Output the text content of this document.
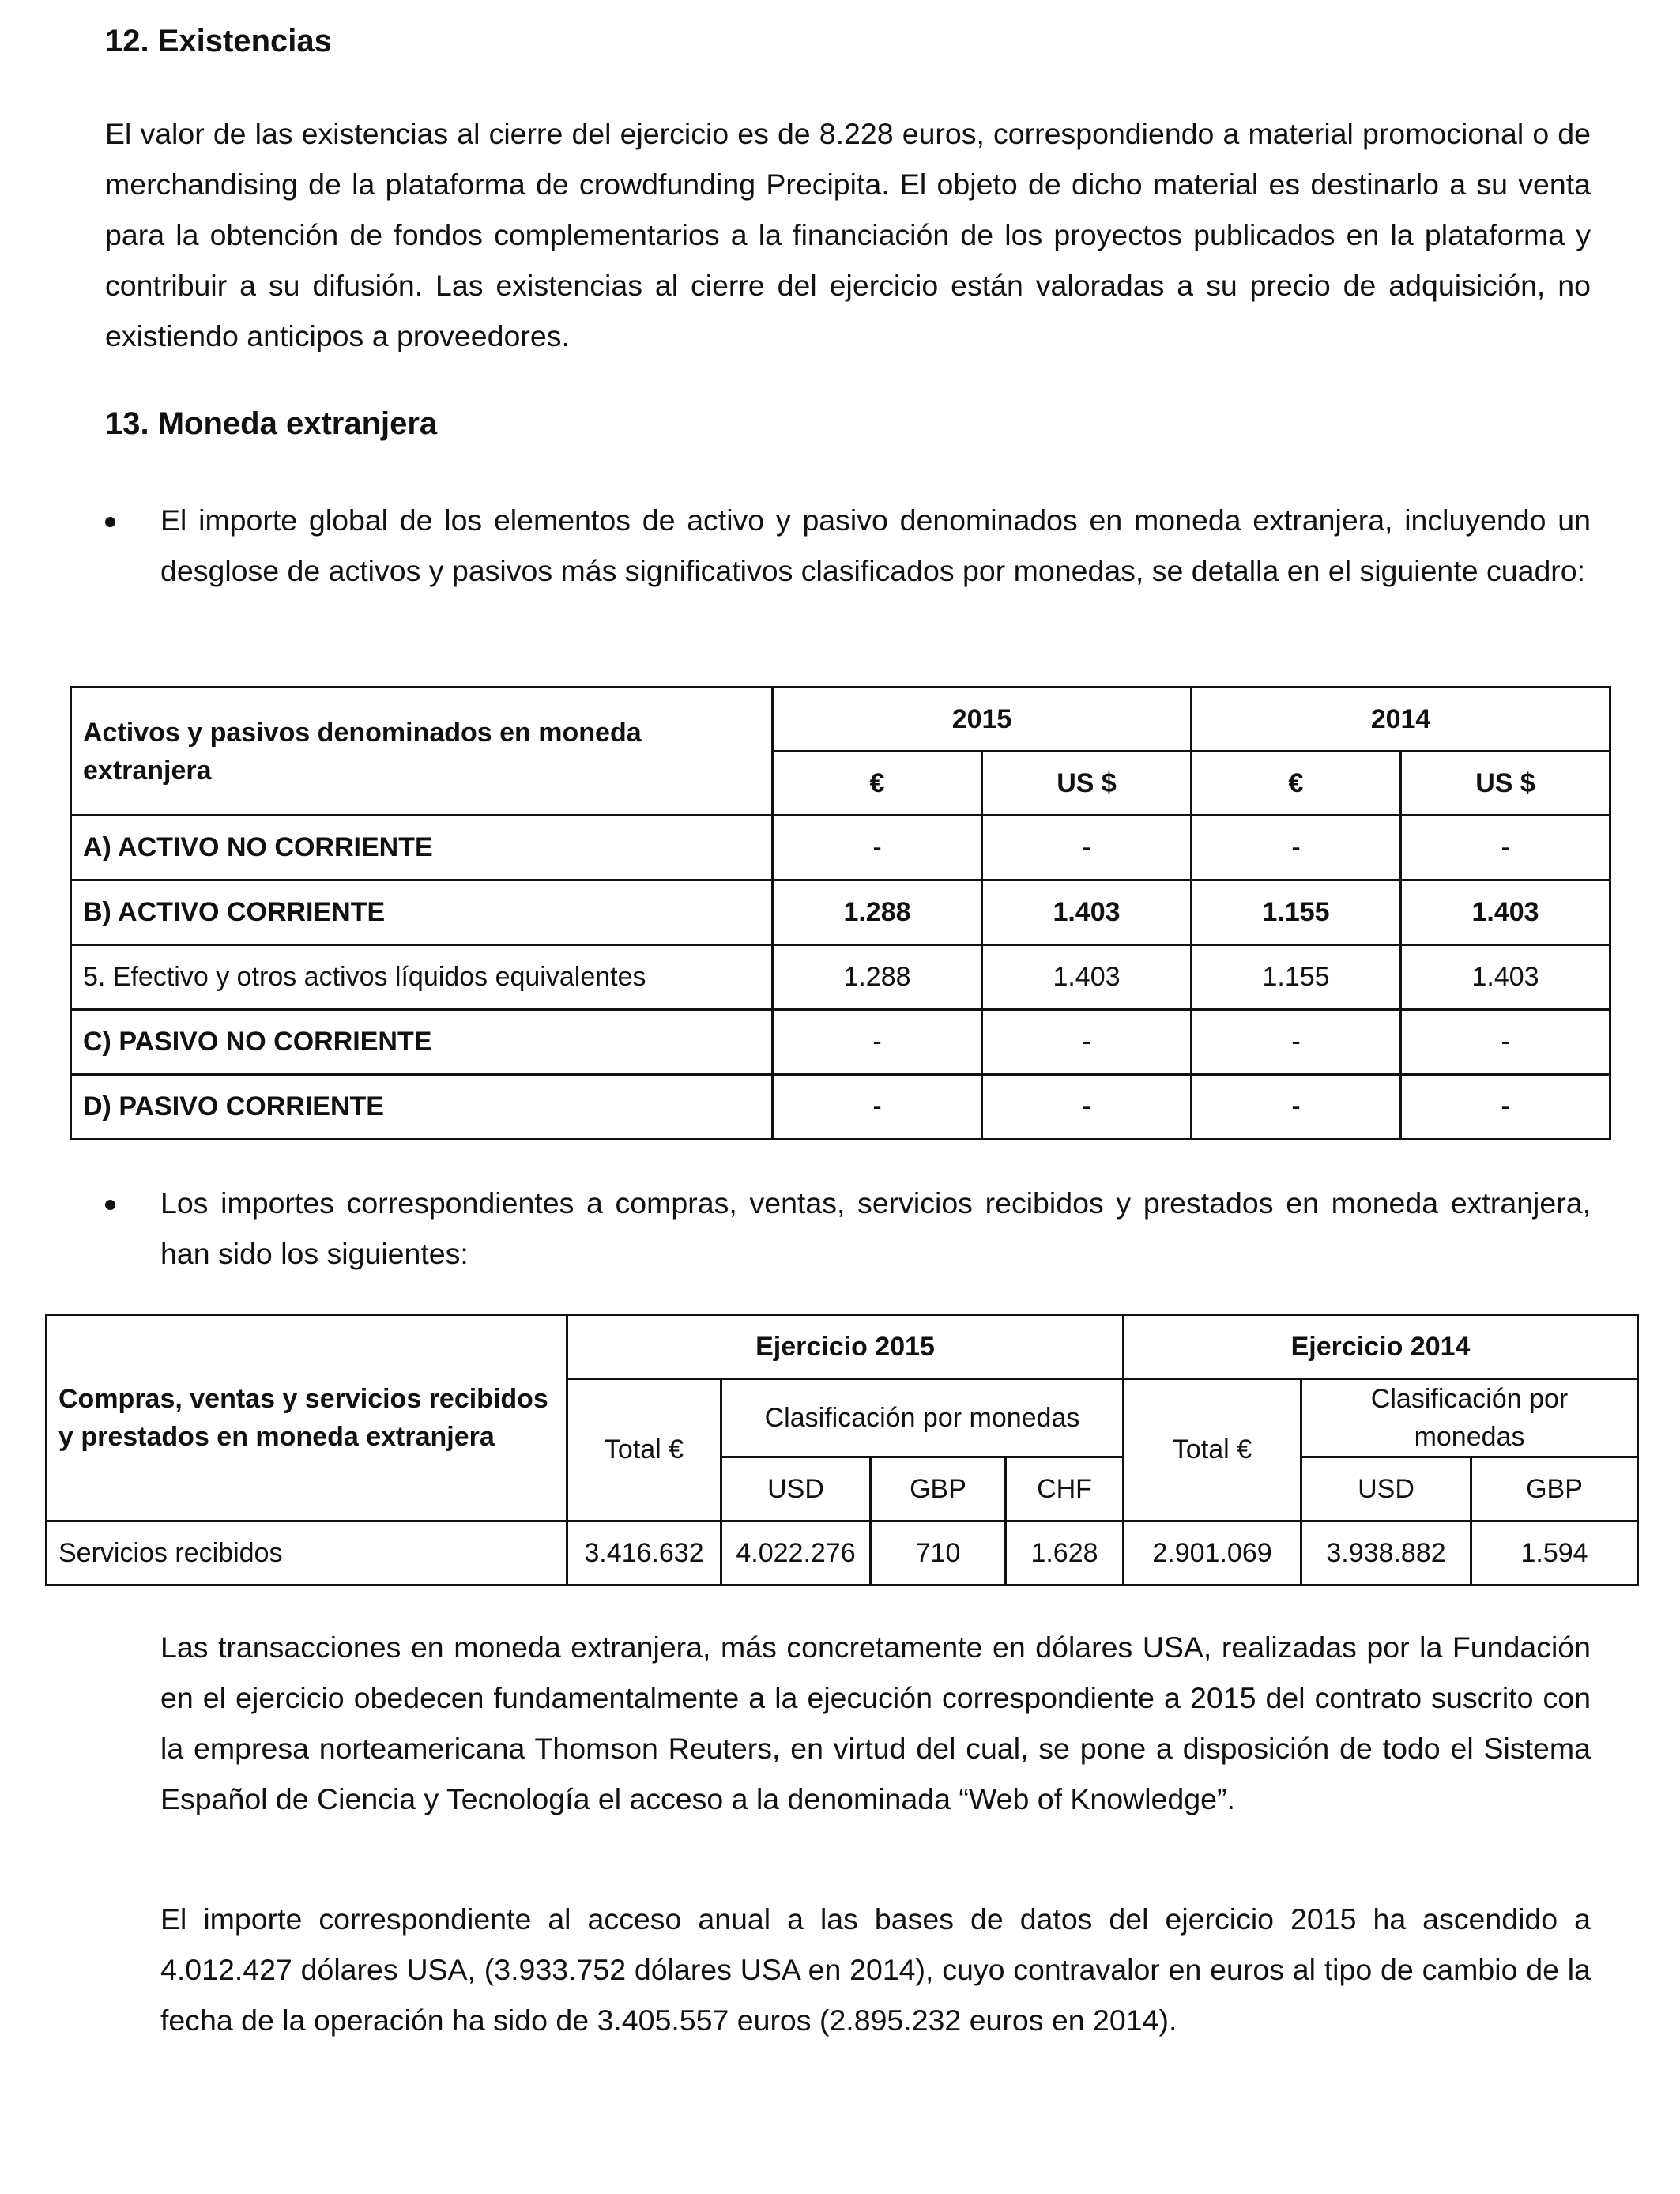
12. Existencias

El valor de las existencias al cierre del ejercicio es de 8.228 euros, correspondiendo a material promocional o de merchandising de la plataforma de crowdfunding Precipita. El objeto de dicho material es destinarlo a su venta para la obtención de fondos complementarios a la financiación de los proyectos publicados en la plataforma y contribuir a su difusión. Las existencias al cierre del ejercicio están valoradas a su precio de adquisición, no existiendo anticipos a proveedores.

13. Moneda extranjera

El importe global de los elementos de activo y pasivo denominados en moneda extranjera, incluyendo un desglose de activos y pasivos más significativos clasificados por monedas, se detalla en el siguiente cuadro:

Activos y pasivos denominados en moneda extranjera	2015		2014	
	€	US $	€	US $
A) ACTIVO NO CORRIENTE	-	-	-	-
B) ACTIVO CORRIENTE	1.288	1.403	1.155	1.403
5. Efectivo y otros activos líquidos equivalentes	1.288	1.403	1.155	1.403
C) PASIVO NO CORRIENTE	-	-	-	-
D) PASIVO CORRIENTE	-	-	-	-

Los importes correspondientes a compras, ventas, servicios recibidos y prestados en moneda extranjera, han sido los siguientes:

Compras, ventas y servicios recibidos y prestados en moneda extranjera	Ejercicio 2015				Ejercicio 2014		
	Total €	Clasificación por monedas			Total €	Clasificación por monedas	
		USD	GBP	CHF		USD	GBP
Servicios recibidos	3.416.632	4.022.276	710	1.628	2.901.069	3.938.882	1.594

Las transacciones en moneda extranjera, más concretamente en dólares USA, realizadas por la Fundación en el ejercicio obedecen fundamentalmente a la ejecución correspondiente a 2015 del contrato suscrito con la empresa norteamericana Thomson Reuters, en virtud del cual, se pone a disposición de todo el Sistema Español de Ciencia y Tecnología el acceso a la denominada “Web of Knowledge”.

El importe correspondiente al acceso anual a las bases de datos del ejercicio 2015 ha ascendido a 4.012.427 dólares USA, (3.933.752 dólares USA en 2014), cuyo contravalor en euros al tipo de cambio de la fecha de la operación ha sido de 3.405.557 euros (2.895.232 euros en 2014).
